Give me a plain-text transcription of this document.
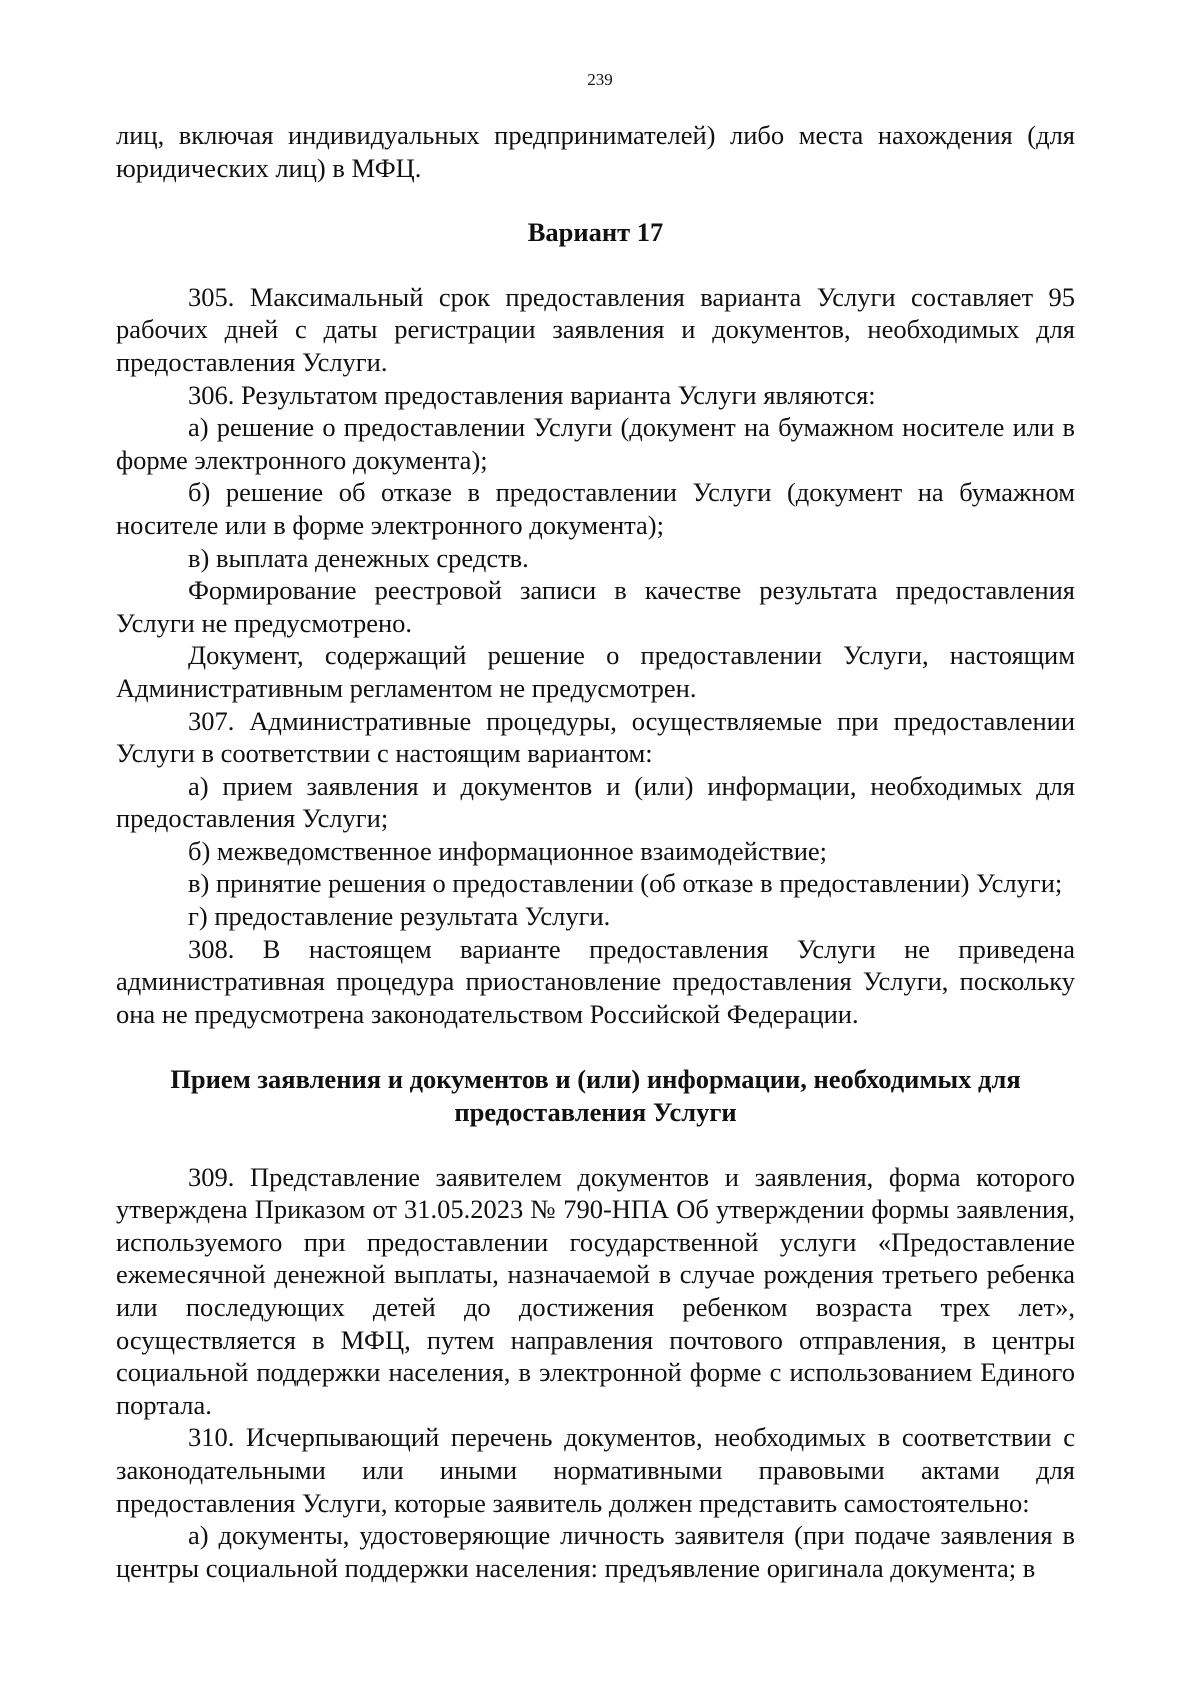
239

лиц, включая индивидуальных предпринимателей) либо места нахождения (для юридических лиц) в МФЦ.

Вариант 17

305. Максимальный срок предоставления варианта Услуги составляет 95 рабочих дней с даты регистрации заявления и документов, необходимых для предоставления Услуги.

306. Результатом предоставления варианта Услуги являются:

а) решение о предоставлении Услуги (документ на бумажном носителе или в форме электронного документа);

б) решение об отказе в предоставлении Услуги (документ на бумажном носителе или в форме электронного документа);

в) выплата денежных средств.

Формирование реестровой записи в качестве результата предоставления Услуги не предусмотрено.

Документ, содержащий решение о предоставлении Услуги, настоящим Административным регламентом не предусмотрен.

307. Административные процедуры, осуществляемые при предоставлении Услуги в соответствии с настоящим вариантом:

а) прием заявления и документов и (или) информации, необходимых для предоставления Услуги;

б) межведомственное информационное взаимодействие;

в) принятие решения о предоставлении (об отказе в предоставлении) Услуги;

г) предоставление результата Услуги.

308. В настоящем варианте предоставления Услуги не приведена административная процедура приостановление предоставления Услуги, поскольку она не предусмотрена законодательством Российской Федерации.

Прием заявления и документов и (или) информации, необходимых для
предоставления Услуги

309. Представление заявителем документов и заявления, форма которого утверждена Приказом от 31.05.2023 № 790-НПА Об утверждении формы заявления, используемого при предоставлении государственной услуги «Предоставление ежемесячной денежной выплаты, назначаемой в случае рождения третьего ребенка или последующих детей до достижения ребенком возраста трех лет», осуществляется в МФЦ, путем направления почтового отправления, в центры социальной поддержки населения, в электронной форме с использованием Единого портала.

310. Исчерпывающий перечень документов, необходимых в соответствии с законодательными или иными нормативными правовыми актами для предоставления Услуги, которые заявитель должен представить самостоятельно:

а) документы, удостоверяющие личность заявителя (при подаче заявления в центры социальной поддержки населения: предъявление оригинала документа; в
